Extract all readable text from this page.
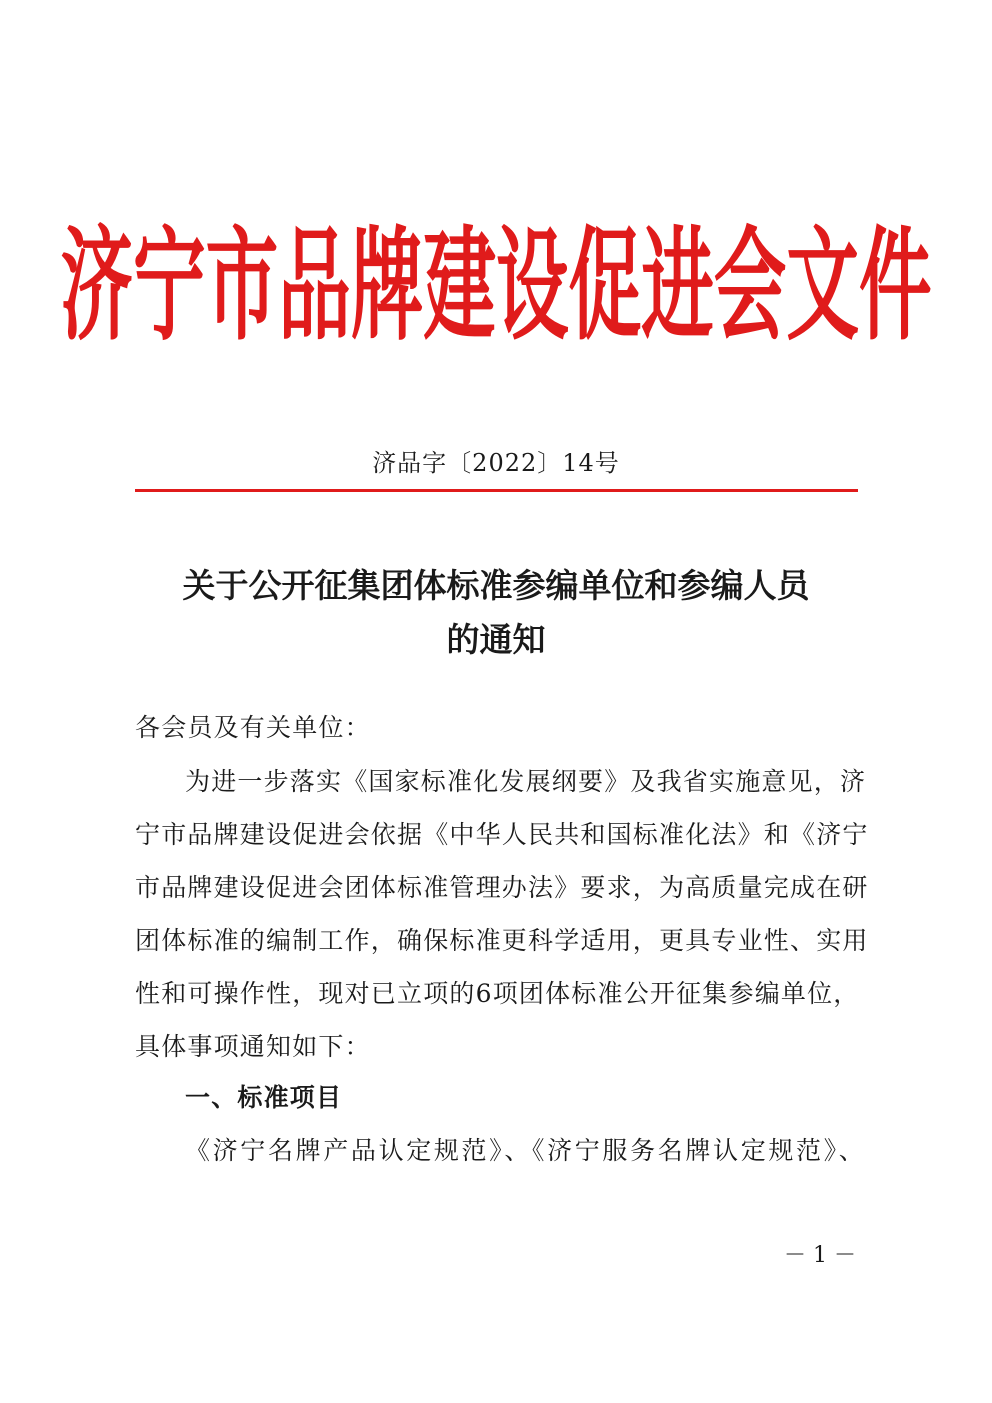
济宁市品牌建设促进会文件
济品字〔2022〕14号
关于公开征集团体标准参编单位和参编人员
的通知
各会员及有关单位：
为进一步落实《国家标准化发展纲要》及我省实施意见，济
宁市品牌建设促进会依据《中华人民共和国标准化法》和《济宁
市品牌建设促进会团体标准管理办法》要求，为高质量完成在研
团体标准的编制工作，确保标准更科学适用，更具专业性、实用
性和可操作性，现对已立项的6项团体标准公开征集参编单位，
具体事项通知如下：
一、标准项目
《济宁名牌产品认定规范》、《济宁服务名牌认定规范》、
－ 1 －
